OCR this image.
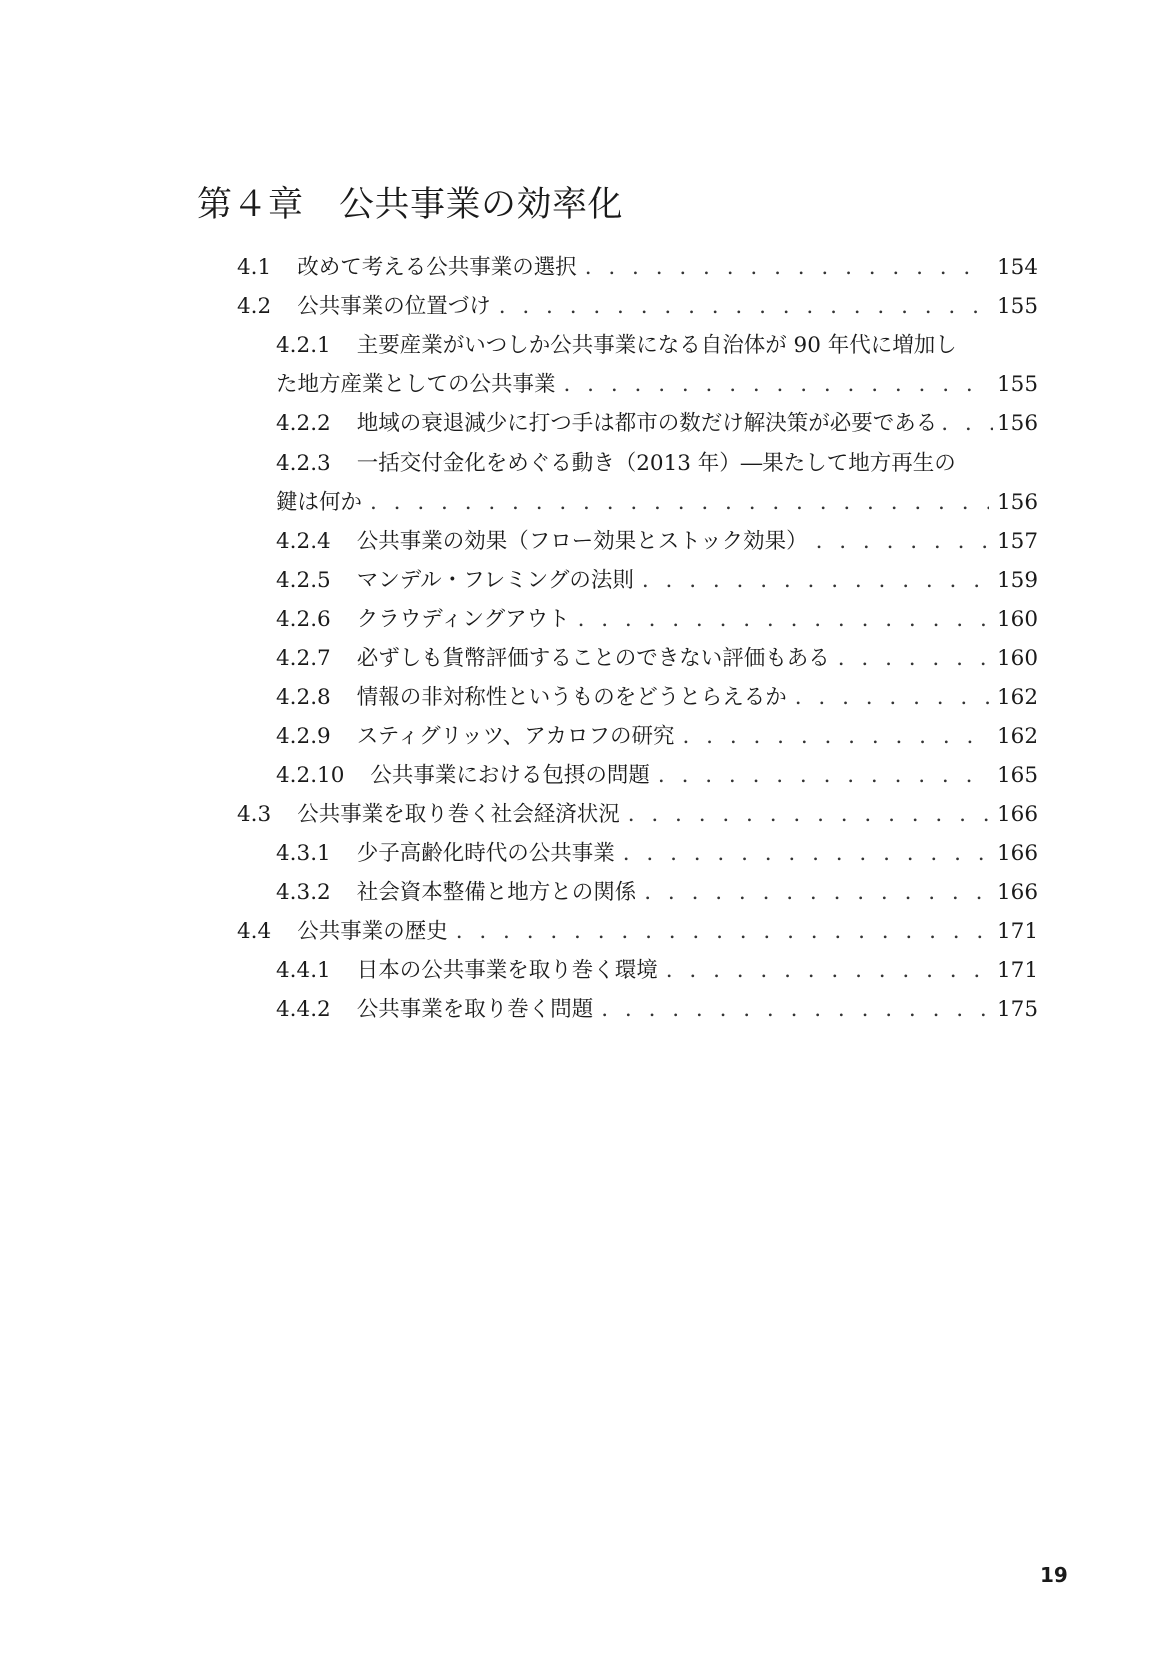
第４章　公共事業の効率化
4.1 改めて考える公共事業の選択 . . .	154
4.2 公共事業の位置づけ . . .	155
4.2.1 主要産業がいつしか公共事業になる自治体が 90 年代に増加し
た地方産業としての公共事業 . . .	155
4.2.2 地域の衰退減少に打つ手は都市の数だけ解決策が必要である . . .	156
4.2.3 一括交付金化をめぐる動き（2013 年）―果たして地方再生の
鍵は何か . . .	156
4.2.4 公共事業の効果（フロー効果とストック効果） . . .	157
4.2.5 マンデル・フレミングの法則 . . .	159
4.2.6 クラウディングアウト . . .	160
4.2.7 必ずしも貨幣評価することのできない評価もある . . .	160
4.2.8 情報の非対称性というものをどうとらえるか . . .	162
4.2.9 スティグリッツ、アカロフの研究 . . .	162
4.2.10 公共事業における包摂の問題 . . .	165
4.3 公共事業を取り巻く社会経済状況 . . .	166
4.3.1 少子高齢化時代の公共事業 . . .	166
4.3.2 社会資本整備と地方との関係 . . .	166
4.4 公共事業の歴史 . . .	171
4.4.1 日本の公共事業を取り巻く環境 . . .	171
4.4.2 公共事業を取り巻く問題 . . .	175
19
